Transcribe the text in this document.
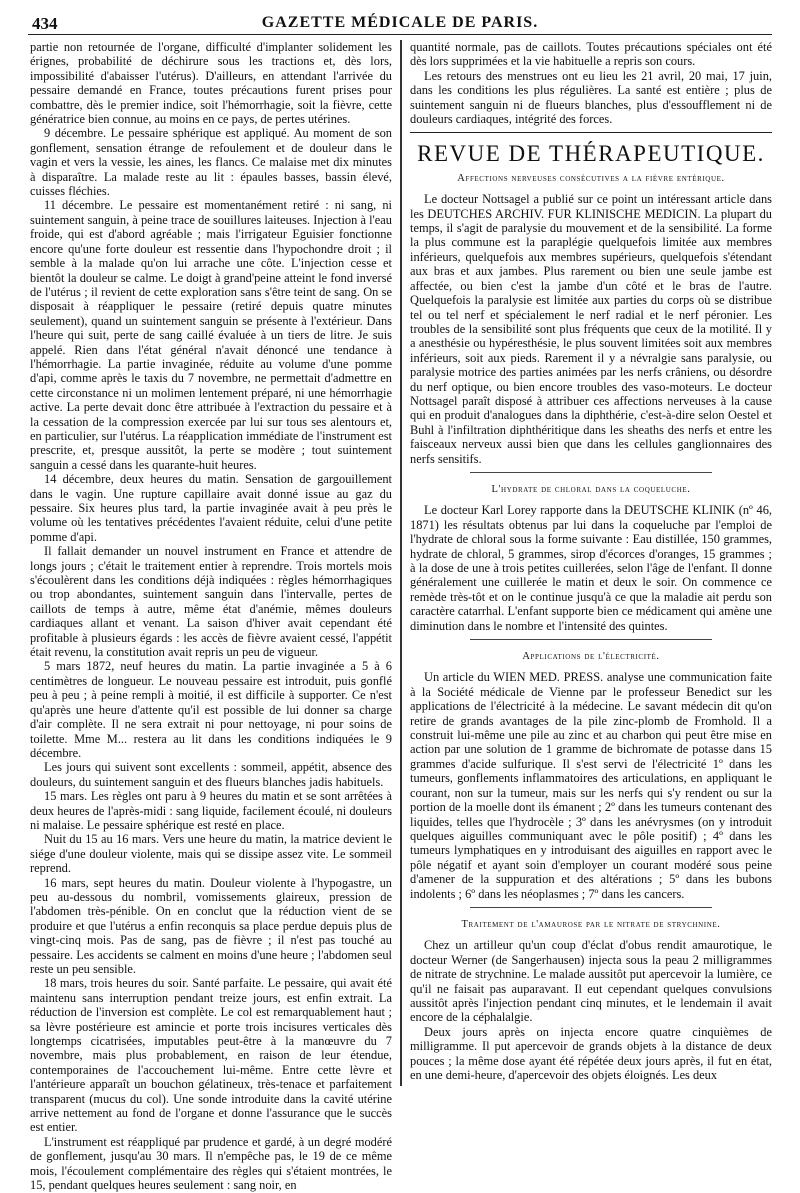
434	GAZETTE MÉDICALE DE PARIS.

partie non retournée de l'organe, difficulté d'implanter solidement les érignes, probabilité de déchirure sous les tractions et, dès lors, impossibilité d'abaisser l'utérus). D'ailleurs, en attendant l'arrivée du pessaire demandé en France, toutes précautions furent prises pour combattre, dès le premier indice, soit l'hémorrhagie, soit la fièvre, cette génératrice bien connue, au moins en ce pays, de pertes utérines.

9 décembre. Le pessaire sphérique est appliqué. Au moment de son gonflement, sensation étrange de refoulement et de douleur dans le vagin et vers la vessie, les aines, les flancs. Ce malaise met dix minutes à disparaître. La malade reste au lit : épaules basses, bassin élevé, cuisses fléchies.

11 décembre. Le pessaire est momentanément retiré : ni sang, ni suintement sanguin, à peine trace de souillures laiteuses. Injection à l'eau froide, qui est d'abord agréable ; mais l'irrigateur Eguisier fonctionne encore qu'une forte douleur est ressentie dans l'hypochondre droit ; il semble à la malade qu'on lui arrache une côte. L'injection cesse et bientôt la douleur se calme. Le doigt à grand'peine atteint le fond inversé de l'utérus ; il revient de cette exploration sans s'être teint de sang. On se disposait à réappliquer le pessaire (retiré depuis quatre minutes seulement), quand un suintement sanguin se présente à l'extérieur. Dans l'heure qui suit, perte de sang caillé évaluée à un tiers de litre. Je suis appelé. Rien dans l'état général n'avait dénoncé une tendance à l'hémorrhagie. La partie invaginée, réduite au volume d'une pomme d'api, comme après le taxis du 7 novembre, ne permettait d'admettre en cette circonstance ni un molimen lentement préparé, ni une hémorrhagie active. La perte devait donc être attribuée à l'extraction du pessaire et à la cessation de la compression exercée par lui sur tous ses alentours et, en particulier, sur l'utérus. La réapplication immédiate de l'instrument est prescrite, et, presque aussitôt, la perte se modère ; tout suintement sanguin a cessé dans les quarante-huit heures.

14 décembre, deux heures du matin. Sensation de gargouillement dans le vagin. Une rupture capillaire avait donné issue au gaz du pessaire. Six heures plus tard, la partie invaginée avait à peu près le volume où les tentatives précédentes l'avaient réduite, celui d'une petite pomme d'api.

Il fallait demander un nouvel instrument en France et attendre de longs jours ; c'était le traitement entier à reprendre. Trois mortels mois s'écoulèrent dans les conditions déjà indiquées : règles hémorrhagiques ou trop abondantes, suintement sanguin dans l'intervalle, pertes de caillots de temps à autre, même état d'anémie, mêmes douleurs cardiaques allant et venant. La saison d'hiver avait cependant été profitable à plusieurs égards : les accès de fièvre avaient cessé, l'appétit était revenu, la constitution avait repris un peu de vigueur.

5 mars 1872, neuf heures du matin. La partie invaginée a 5 à 6 centimètres de longueur. Le nouveau pessaire est introduit, puis gonflé peu à peu ; à peine rempli à moitié, il est difficile à supporter. Ce n'est qu'après une heure d'attente qu'il est possible de lui donner sa charge d'air complète. Il ne sera extrait ni pour nettoyage, ni pour soins de toilette. Mme M... restera au lit dans les conditions indiquées le 9 décembre.

Les jours qui suivent sont excellents : sommeil, appétit, absence des douleurs, du suintement sanguin et des flueurs blanches jadis habituels.

15 mars. Les règles ont paru à 9 heures du matin et se sont arrêtées à deux heures de l'après-midi : sang liquide, facilement écoulé, ni douleurs ni malaise. Le pessaire sphérique est resté en place.

Nuit du 15 au 16 mars. Vers une heure du matin, la matrice devient le siége d'une douleur violente, mais qui se dissipe assez vite. Le sommeil reprend.

16 mars, sept heures du matin. Douleur violente à l'hypogastre, un peu au-dessous du nombril, vomissements glaireux, pression de l'abdomen très-pénible. On en conclut que la réduction vient de se produire et que l'utérus a enfin reconquis sa place perdue depuis plus de vingt-cinq mois. Pas de sang, pas de fièvre ; il n'est pas touché au pessaire. Les accidents se calment en moins d'une heure ; l'abdomen seul reste un peu sensible.

18 mars, trois heures du soir. Santé parfaite. Le pessaire, qui avait été maintenu sans interruption pendant treize jours, est enfin extrait. La réduction de l'inversion est complète. Le col est remarquablement haut ; sa lèvre postérieure est amincie et porte trois incisures verticales dès longtemps cicatrisées, imputables peut-être à la manœuvre du 7 novembre, mais plus probablement, en raison de leur étendue, contemporaines de l'accouchement lui-même. Entre cette lèvre et l'antérieure apparaît un bouchon gélatineux, très-tenace et parfaitement transparent (mucus du col). Une sonde introduite dans la cavité utérine arrive nettement au fond de l'organe et donne l'assurance que le succès est entier.

L'instrument est réappliqué par prudence et gardé, à un degré modéré de gonflement, jusqu'au 30 mars. Il n'empêche pas, le 19 de ce même mois, l'écoulement complémentaire des règles qui s'étaient montrées, le 15, pendant quelques heures seulement : sang noir, en

quantité normale, pas de caillots. Toutes précautions spéciales ont été dès lors supprimées et la vie habituelle a repris son cours.

Les retours des menstrues ont eu lieu les 21 avril, 20 mai, 17 juin, dans les conditions les plus régulières. La santé est entière ; plus de suintement sanguin ni de flueurs blanches, plus d'essoufflement ni de douleurs cardiaques, intégrité des forces.

REVUE DE THÉRAPEUTIQUE.
Affections nerveuses consécutives a la fièvre entérique.

Le docteur Nottsagel a publié sur ce point un intéressant article dans les DEUTCHES ARCHIV. FUR KLINISCHE MEDICIN. La plupart du temps, il s'agit de paralysie du mouvement et de la sensibilité. La forme la plus commune est la paraplégie quelquefois limitée aux membres inférieurs, quelquefois aux membres supérieurs, quelquefois s'étendant aux bras et aux jambes. Plus rarement ou bien une seule jambe est affectée, ou bien c'est la jambe d'un côté et le bras de l'autre. Quelquefois la paralysie est limitée aux parties du corps où se distribue tel ou tel nerf et spécialement le nerf radial et le nerf péronier. Les troubles de la sensibilité sont plus fréquents que ceux de la motilité. Il y a anesthésie ou hypéresthésie, le plus souvent limitées soit aux membres inférieurs, soit aux pieds. Rarement il y a névralgie sans paralysie, ou paralysie motrice des parties animées par les nerfs crâniens, ou désordre du nerf optique, ou bien encore troubles des vaso-moteurs. Le docteur Nottsagel paraît disposé à attribuer ces affections nerveuses à la cause qui en produit d'analogues dans la diphthérie, c'est-à-dire selon Oestel et Buhl à l'infiltration diphthéritique dans les sheaths des nerfs et entre les faisceaux nerveux aussi bien que dans les cellules ganglionnaires des nerfs sensitifs.

L'hydrate de chloral dans la coqueluche.

Le docteur Karl Lorey rapporte dans la DEUTSCHE KLINIK (nº 46, 1871) les résultats obtenus par lui dans la coqueluche par l'emploi de l'hydrate de chloral sous la forme suivante : Eau distillée, 150 grammes, hydrate de chloral, 5 grammes, sirop d'écorces d'oranges, 15 grammes ; à la dose de une à trois petites cuillerées, selon l'âge de l'enfant. Il donne généralement une cuillerée le matin et deux le soir. On commence ce remède très-tôt et on le continue jusqu'à ce que la maladie ait perdu son caractère catarrhal. L'enfant supporte bien ce médicament qui amène une diminution dans le nombre et l'intensité des quintes.

Applications de l'électricité.

Un article du WIEN MED. PRESS. analyse une communication faite à la Société médicale de Vienne par le professeur Benedict sur les applications de l'électricité à la médecine. Le savant médecin dit qu'on retire de grands avantages de la pile zinc-plomb de Fromhold. Il a construit lui-même une pile au zinc et au charbon qui peut être mise en action par une solution de 1 gramme de bichromate de potasse dans 15 grammes d'acide sulfurique. Il s'est servi de l'électricité 1º dans les tumeurs, gonflements inflammatoires des articulations, en appliquant le courant, non sur la tumeur, mais sur les nerfs qui s'y rendent ou sur la portion de la moelle dont ils émanent ; 2º dans les tumeurs contenant des liquides, telles que l'hydrocèle ; 3º dans les anévrysmes (on y introduit quelques aiguilles communiquant avec le pôle positif) ; 4º dans les tumeurs lymphatiques en y introduisant des aiguilles en rapport avec le pôle négatif et ayant soin d'employer un courant modéré sous peine d'amener de la suppuration et des altérations ; 5º dans les bubons indolents ; 6º dans les néoplasmes ; 7º dans les cancers.

Traitement de l'amaurose par le nitrate de strychnine.

Chez un artilleur qu'un coup d'éclat d'obus rendit amaurotique, le docteur Werner (de Sangerhausen) injecta sous la peau 2 milligrammes de nitrate de strychnine. Le malade aussitôt put apercevoir la lumière, ce qu'il ne faisait pas auparavant. Il eut cependant quelques convulsions aussitôt après l'injection pendant cinq minutes, et le lendemain il avait encore de la céphalalgie.

Deux jours après on injecta encore quatre cinquièmes de milligramme. Il put apercevoir de grands objets à la distance de deux pouces ; la même dose ayant été répétée deux jours après, il fut en état, en une demi-heure, d'apercevoir des objets éloignés. Les deux
